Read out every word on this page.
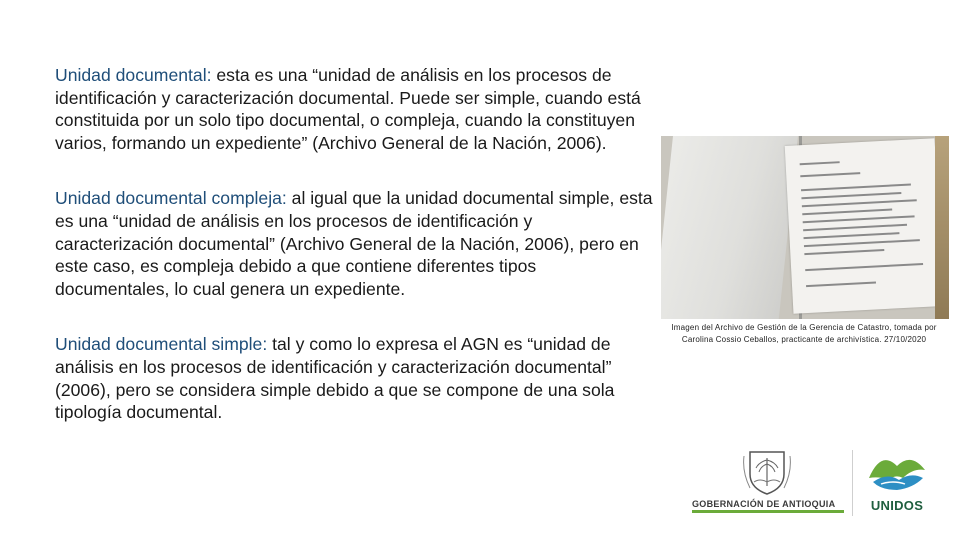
Unidad documental: esta es una “unidad de análisis en los procesos de identificación y caracterización documental. Puede ser simple, cuando está constituida por un solo tipo documental, o compleja, cuando la constituyen varios, formando un expediente” (Archivo General de la Nación, 2006).

Unidad documental compleja: al igual que la unidad documental simple, esta es una “unidad de análisis en los procesos de identificación y caracterización documental” (Archivo General de la Nación, 2006), pero en este caso, es compleja debido a que contiene diferentes tipos documentales, lo cual genera un expediente.

Unidad documental simple: tal y como lo expresa el AGN es “unidad de análisis en los procesos de identificación y caracterización documental” (2006), pero se considera simple debido a que se compone de una sola tipología documental.

Imagen del Archivo de Gestión de la Gerencia de Catastro, tomada por Carolina Cossio Ceballos, practicante de archivística. 27/10/2020
GOBERNACIÓN DE ANTIOQUIA	UNIDOS
